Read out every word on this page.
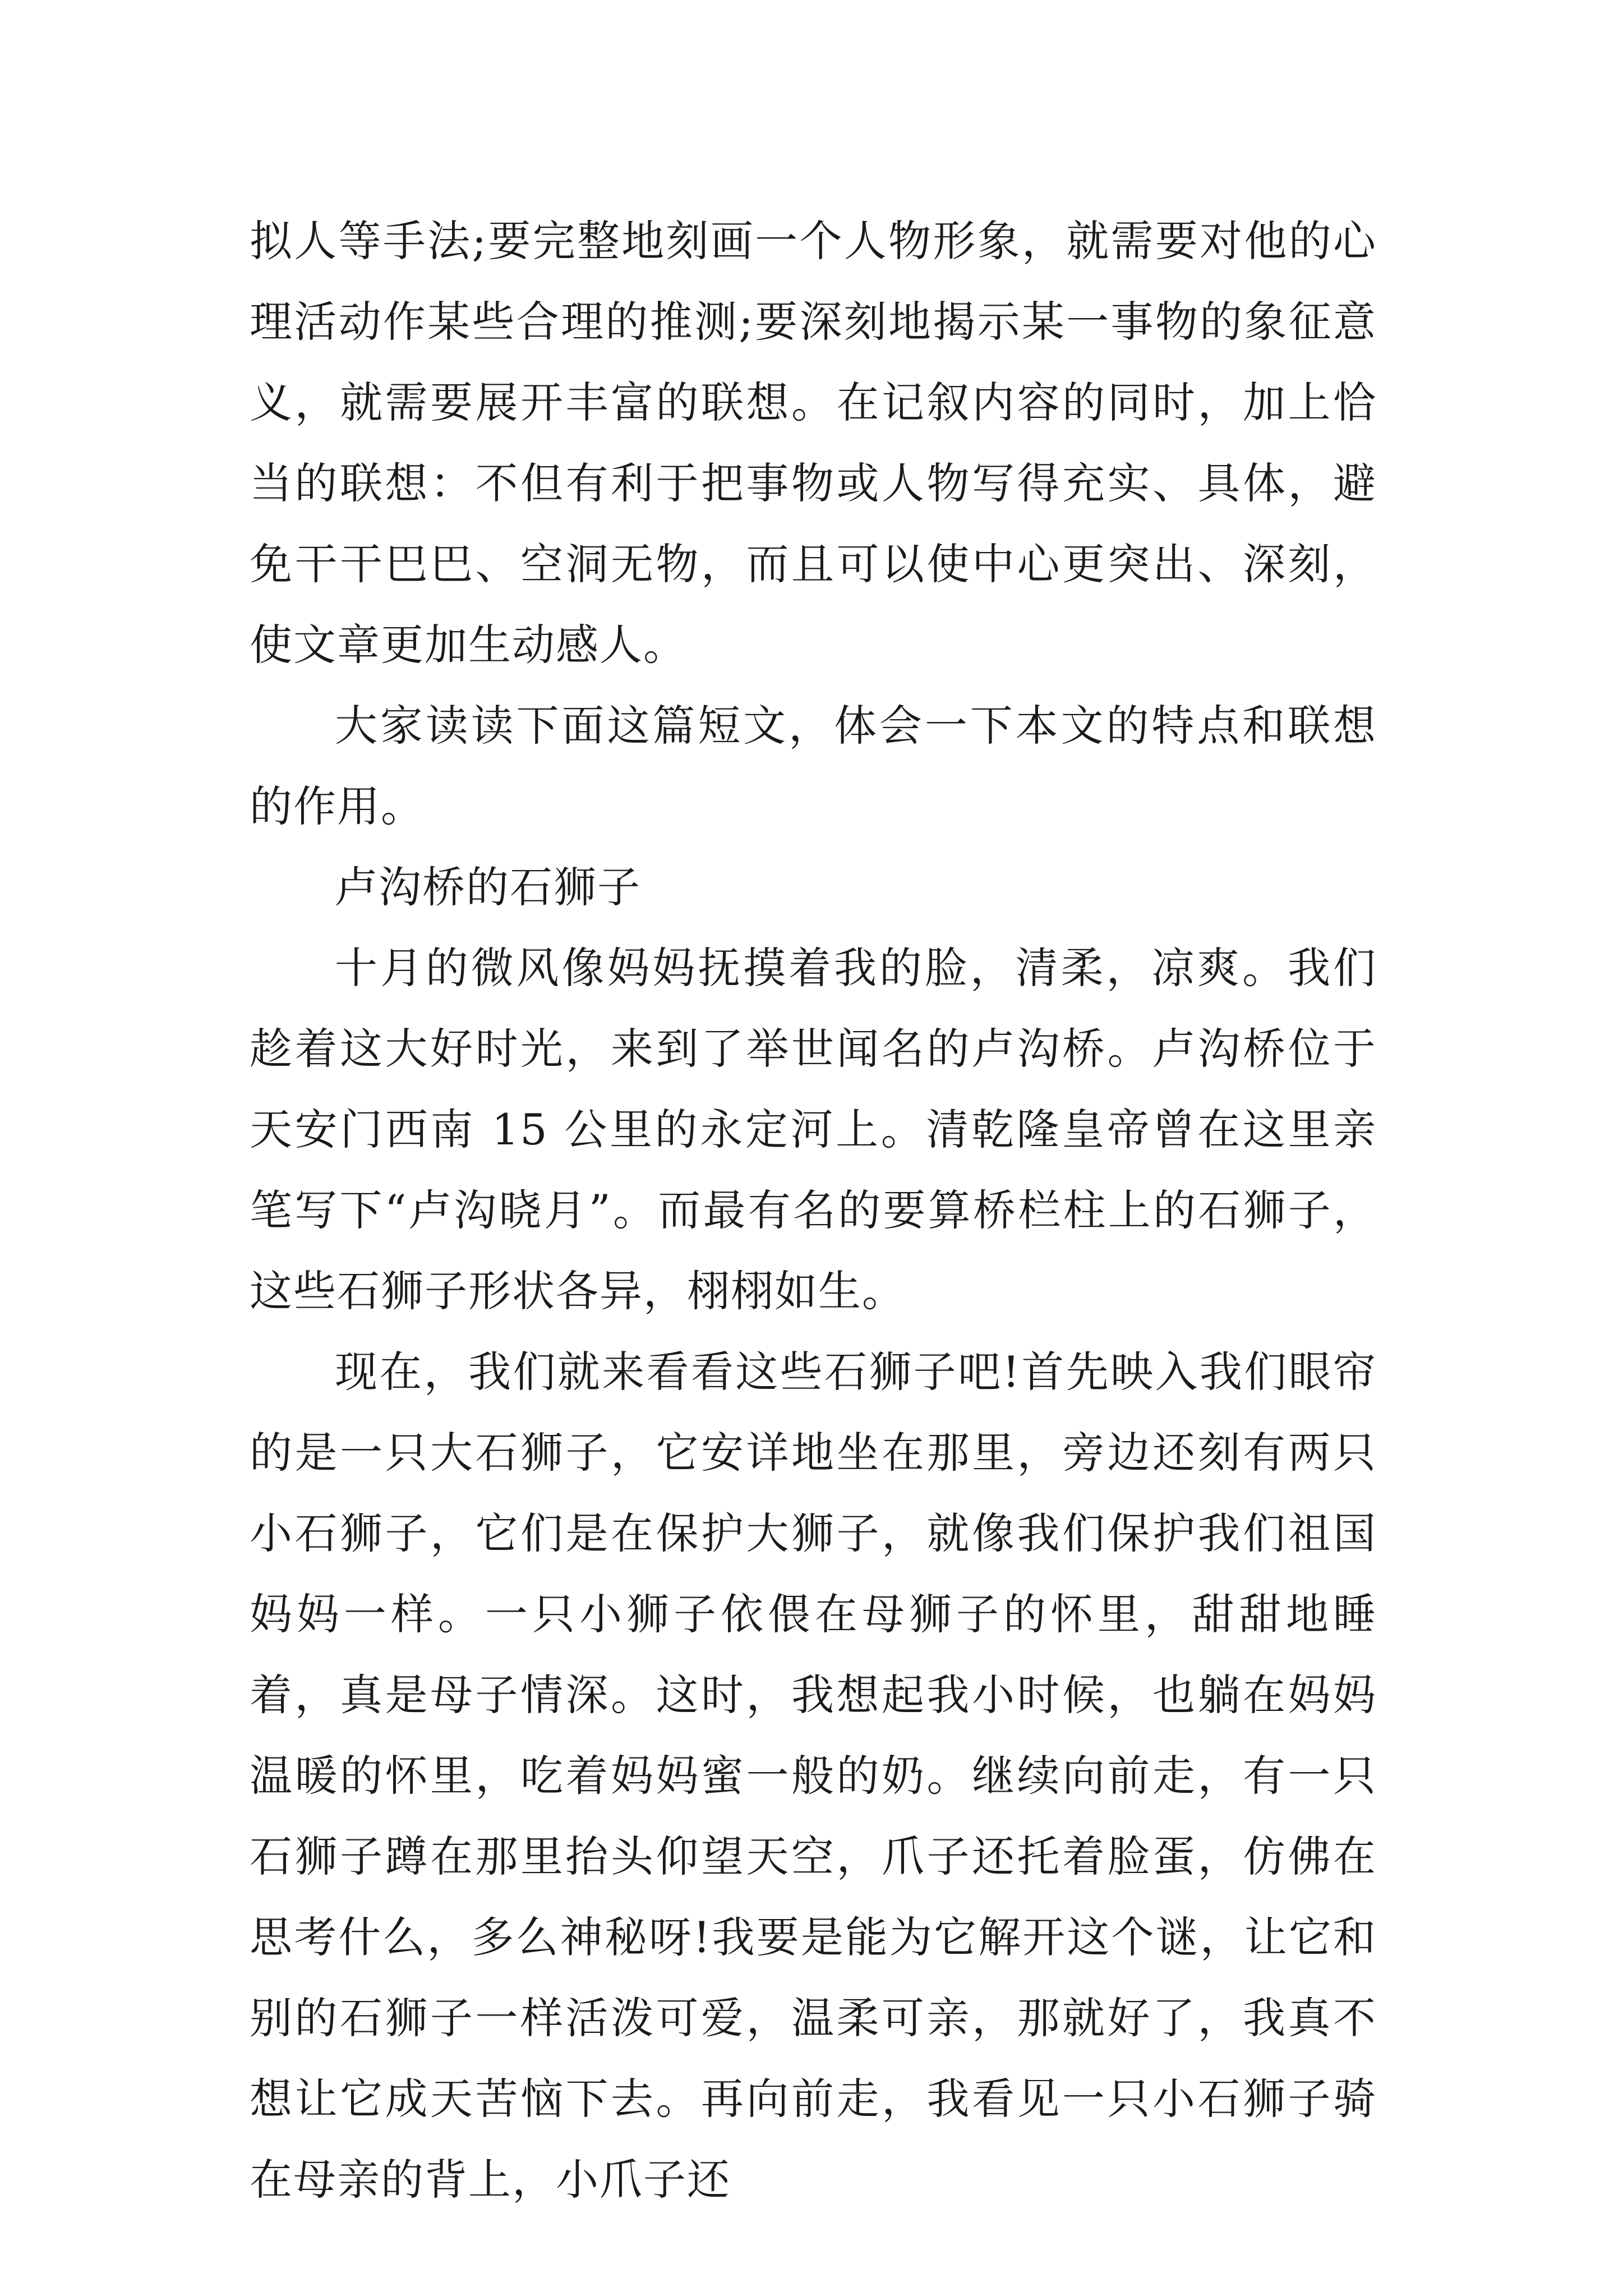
拟人等手法;要完整地刻画一个人物形象，就需要对他的心理活动作某些合理的推测;要深刻地揭示某一事物的象征意义，就需要展开丰富的联想。在记叙内容的同时，加上恰当的联想：不但有利于把事物或人物写得充实、具体，避免干干巴巴、空洞无物，而且可以使中心更突出、深刻，使文章更加生动感人。

大家读读下面这篇短文，体会一下本文的特点和联想的作用。

卢沟桥的石狮子

十月的微风像妈妈抚摸着我的脸，清柔，凉爽。我们趁着这大好时光，来到了举世闻名的卢沟桥。卢沟桥位于天安门西南 15 公里的永定河上。清乾隆皇帝曾在这里亲笔写下“卢沟晓月”。而最有名的要算桥栏柱上的石狮子，这些石狮子形状各异，栩栩如生。

现在，我们就来看看这些石狮子吧!首先映入我们眼帘的是一只大石狮子，它安详地坐在那里，旁边还刻有两只小石狮子，它们是在保护大狮子，就像我们保护我们祖国妈妈一样。一只小狮子依偎在母狮子的怀里，甜甜地睡着，真是母子情深。这时，我想起我小时候，也躺在妈妈温暖的怀里，吃着妈妈蜜一般的奶。继续向前走，有一只石狮子蹲在那里抬头仰望天空，爪子还托着脸蛋，仿佛在思考什么，多么神秘呀!我要是能为它解开这个谜，让它和别的石狮子一样活泼可爱，温柔可亲，那就好了，我真不想让它成天苦恼下去。再向前走，我看见一只小石狮子骑在母亲的背上，小爪子还
